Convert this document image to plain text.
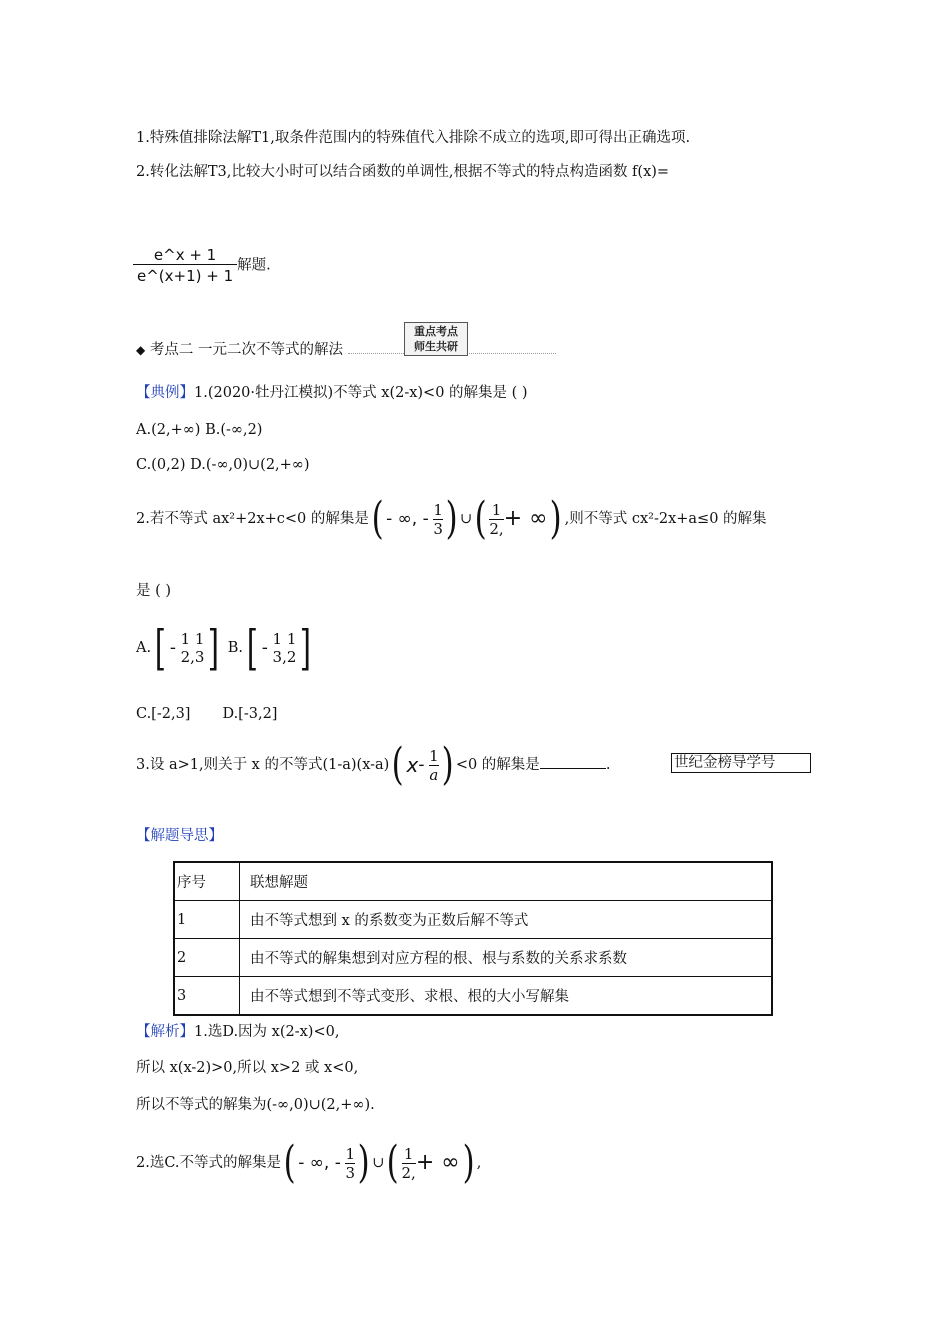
1.特殊值排除法解T1,取条件范围内的特殊值代入排除不成立的选项,即可得出正确选项.
2.转化法解T3,比较大小时可以结合函数的单调性,根据不等式的特点构造函数 f(x)=
$\frac{e\^{}x + 1}{e\^{}(x+1) + 1}$ 解题.
◆ 考点二 一元二次不等式的解法
重点考点
师生共研
【典例】1.(2020·牡丹江模拟)不等式 x(2-x)<0 的解集是 ( )
A.(2,+∞) B.(-∞,2)
C.(0,2) D.(-∞,0)∪(2,+∞)
2.若不等式 ax²+2x+c<0 的解集是( - ∞, - $\frac{1}{3}$ ) ∪( $\frac{1}{2,}$ + ∞) ,则不等式 cx²-2x+a≤0 的解集
是 ( )
A.[ - 1 1
2,3 ] B.[ - 1 1
3,2 ]
C.[-2,3] D.[-3,2]
3.设 a>1,则关于 x 的不等式(1-a)(x-a)( $x- \frac{1}{a}$ ) <0 的解集是	.	世纪金榜导学号
【解题导思】
序号	联想解题
1	由不等式想到 x 的系数变为正数后解不等式
2	由不等式的解集想到对应方程的根、根与系数的关系求系数
3	由不等式想到不等式变形、求根、根的大小写解集
【解析】1.选D.因为 x(2-x)<0,
所以 x(x-2)>0,所以 x>2 或 x<0,
所以不等式的解集为(-∞,0)∪(2,+∞).
2.选C.不等式的解集是( - ∞, - $\frac{1}{3}$ ) ∪( $\frac{1}{2,}$ + ∞) ,
